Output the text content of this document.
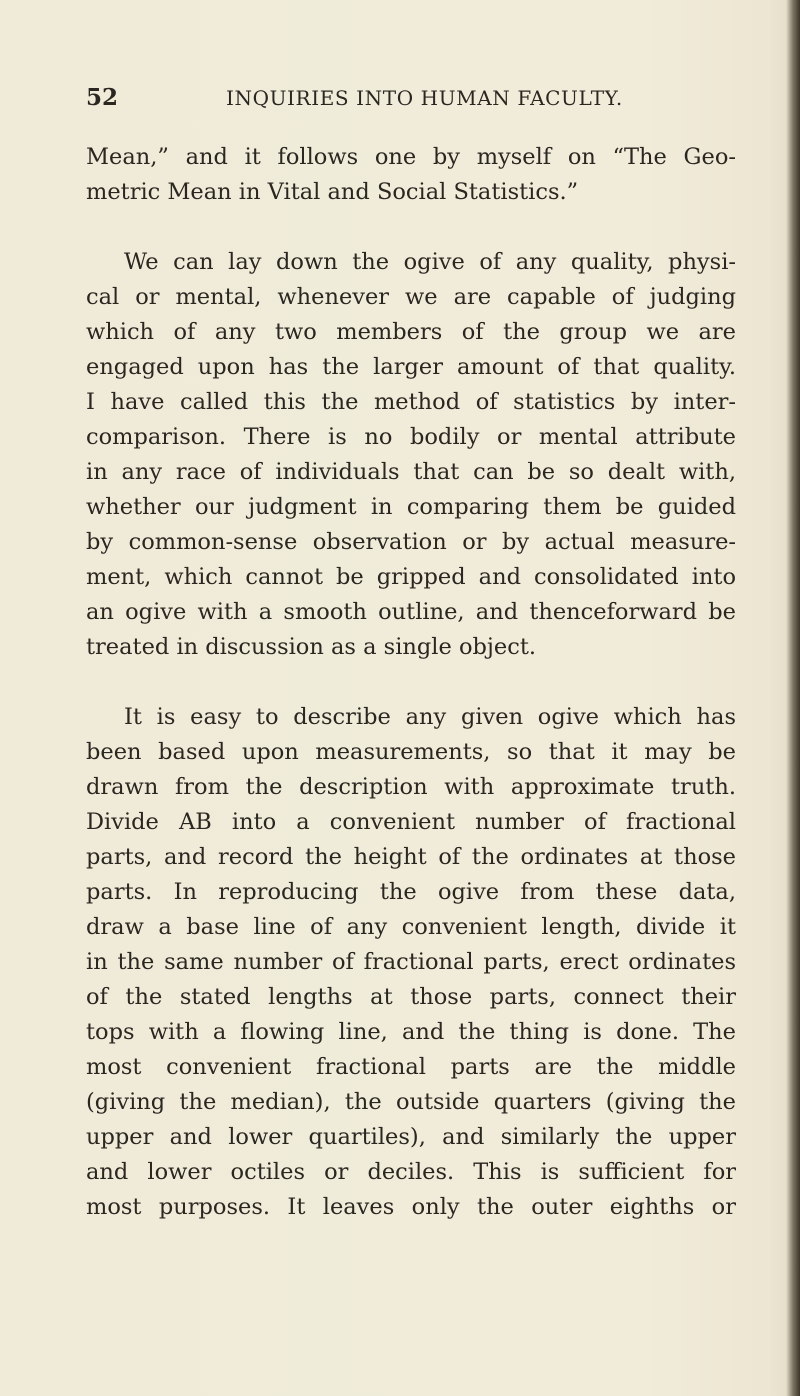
52	INQUIRIES INTO HUMAN FACULTY.
Mean,” and it follows one by myself on “The Geo-
metric Mean in Vital and Social Statistics.”
We can lay down the ogive of any quality, physi-
cal or mental, whenever we are capable of judging
which of any two members of the group we are
engaged upon has the larger amount of that quality.
I have called this the method of statistics by inter-
comparison. There is no bodily or mental attribute
in any race of individuals that can be so dealt with,
whether our judgment in comparing them be guided
by common-sense observation or by actual measure-
ment, which cannot be gripped and consolidated into
an ogive with a smooth outline, and thenceforward be
treated in discussion as a single object.
It is easy to describe any given ogive which has
been based upon measurements, so that it may be
drawn from the description with approximate truth.
Divide AB into a convenient number of fractional
parts, and record the height of the ordinates at those
parts. In reproducing the ogive from these data,
draw a base line of any convenient length, divide it
in the same number of fractional parts, erect ordinates
of the stated lengths at those parts, connect their
tops with a flowing line, and the thing is done. The
most convenient fractional parts are the middle
(giving the median), the outside quarters (giving the
upper and lower quartiles), and similarly the upper
and lower octiles or deciles. This is sufficient for
most purposes. It leaves only the outer eighths or
